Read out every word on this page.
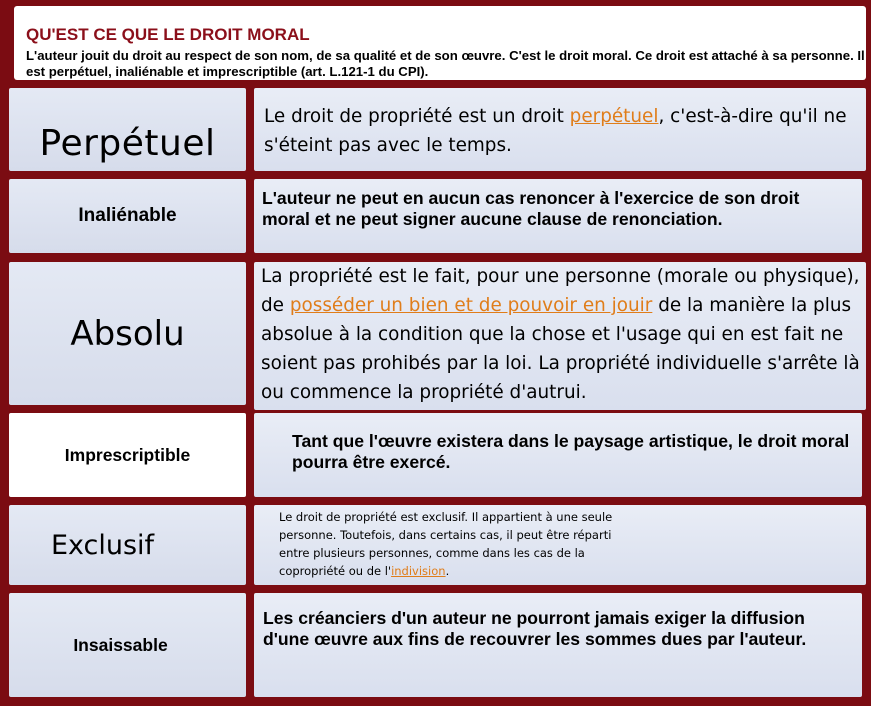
QU'EST CE QUE LE DROIT MORAL

L'auteur jouit du droit au respect de son nom, de sa qualité et de son œuvre. C'est le droit moral. Ce droit est attaché à sa personne. Il est perpétuel, inaliénable et imprescriptible (art. L.121-1 du CPI).

Perpétuel
Le droit de propriété est un droit perpétuel, c'est-à-dire qu'il ne s'éteint pas avec le temps.
Inaliénable
L'auteur ne peut en aucun cas renoncer à l'exercice de son droit moral et ne peut signer aucune clause de renonciation.
Absolu
La propriété est le fait, pour une personne (morale ou physique), de posséder un bien et de pouvoir en jouir de la manière la plus absolue à la condition que la chose et l'usage qui en est fait ne soient pas prohibés par la loi. La propriété individuelle s'arrête là ou commence la propriété d'autrui.
Imprescriptible
Tant que l'œuvre existera dans le paysage artistique, le droit moral pourra être exercé.
Exclusif
Le droit de propriété est exclusif. Il appartient à une seule personne. Toutefois, dans certains cas, il peut être réparti entre plusieurs personnes, comme dans les cas de la copropriété ou de l'indivision.
Insaissable
Les créanciers d'un auteur ne pourront jamais exiger la diffusion d'une œuvre aux fins de recouvrer les sommes dues par l'auteur.
